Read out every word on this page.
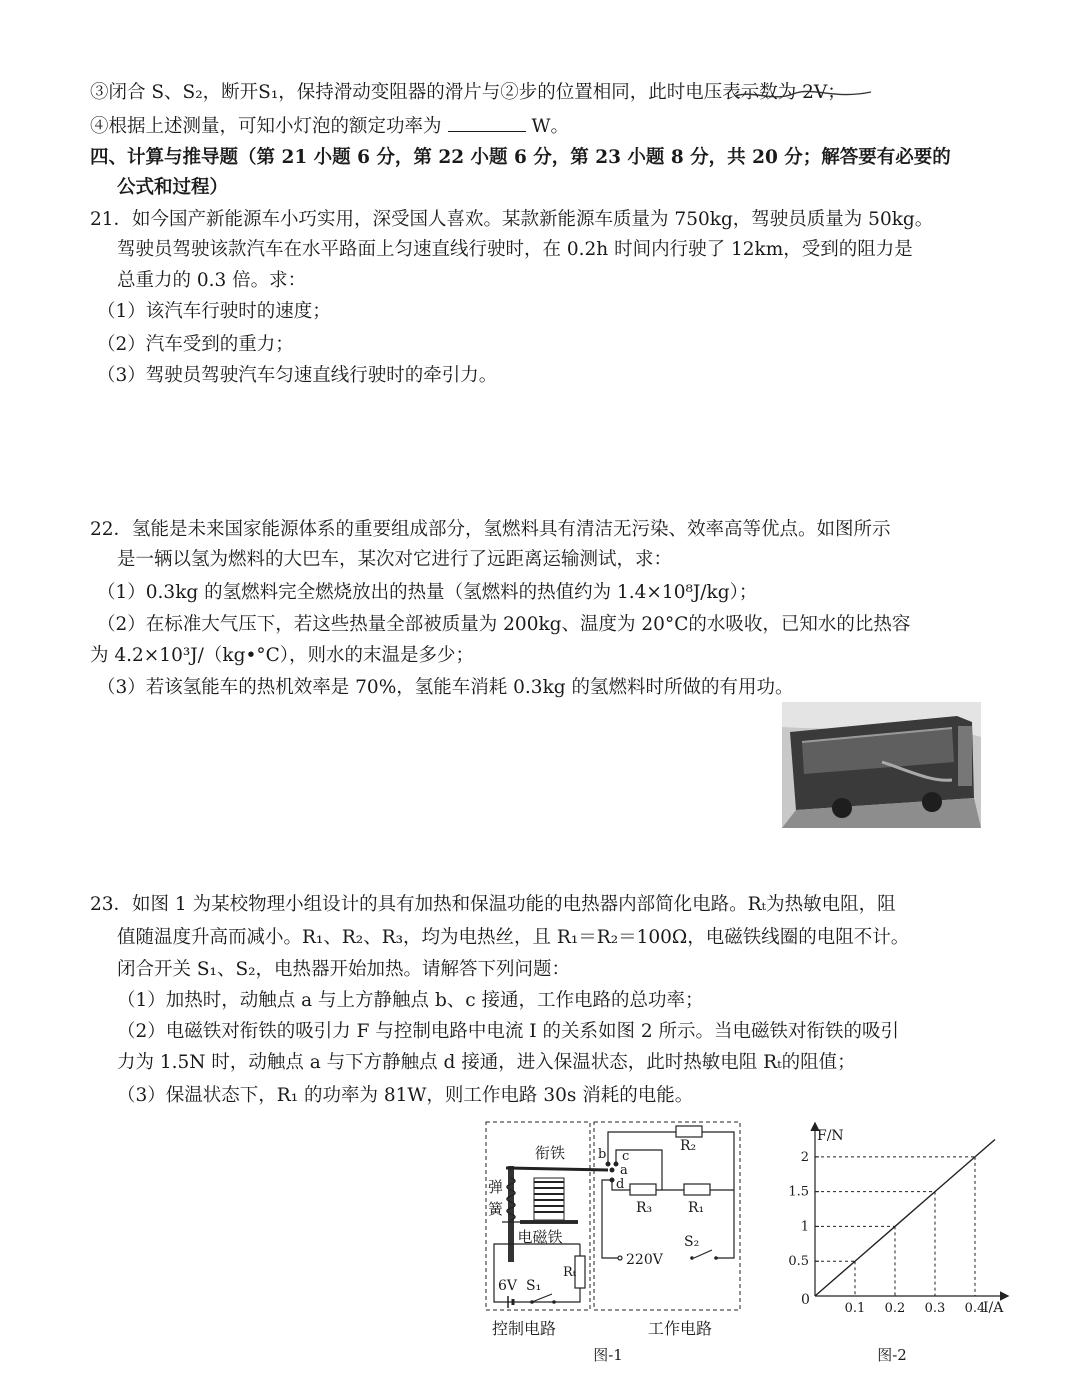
③闭合 S、S₂，断开S₁，保持滑动变阻器的滑片与②步的位置相同，此时电压表示数为 2V；
④根据上述测量，可知小灯泡的额定功率为	W。
四、计算与推导题（第 21 小题 6 分，第 22 小题 6 分，第 23 小题 8 分，共 20 分；解答要有必要的
公式和过程）
21．如今国产新能源车小巧实用，深受国人喜欢。某款新能源车质量为 750kg，驾驶员质量为 50kg。
驾驶员驾驶该款汽车在水平路面上匀速直线行驶时，在 0.2h 时间内行驶了 12km，受到的阻力是
总重力的 0.3 倍。求：
（1）该汽车行驶时的速度；
（2）汽车受到的重力；
（3）驾驶员驾驶汽车匀速直线行驶时的牵引力。
22．氢能是未来国家能源体系的重要组成部分，氢燃料具有清洁无污染、效率高等优点。如图所示
是一辆以氢为燃料的大巴车，某次对它进行了远距离运输测试，求：
（1）0.3kg 的氢燃料完全燃烧放出的热量（氢燃料的热值约为 1.4×10⁸J/kg）；
（2）在标准大气压下，若这些热量全部被质量为 200kg、温度为 20°C的水吸收，已知水的比热容
为 4.2×10³J/（kg•°C），则水的末温是多少；
（3）若该氢能车的热机效率是 70%，氢能车消耗 0.3kg 的氢燃料时所做的有用功。
23．如图 1 为某校物理小组设计的具有加热和保温功能的电热器内部简化电路。Rₜ为热敏电阻，阻
值随温度升高而减小。R₁、R₂、R₃，均为电热丝，且 R₁＝R₂＝100Ω，电磁铁线圈的电阻不计。
闭合开关 S₁、S₂，电热器开始加热。请解答下列问题：
（1）加热时，动触点 a 与上方静触点 b、c 接通，工作电路的总功率；
（2）电磁铁对衔铁的吸引力 F 与控制电路中电流 I 的关系如图 2 所示。当电磁铁对衔铁的吸引
力为 1.5N 时，动触点 a 与下方静触点 d 接通，进入保温状态，此时热敏电阻 Rₜ的阻值；
（3）保温状态下，R₁ 的功率为 81W，则工作电路 30s 消耗的电能。
衔铁
弹
簧
电磁铁
6V S₁
Rₜ
b c
a
d
R₂
R₃	R₁
220V
S₂
控制电路	工作电路
图-1
0.1 0.2 0.3 0.4
0.5
1
1.5
2
F/N
I/A
0
图-2
